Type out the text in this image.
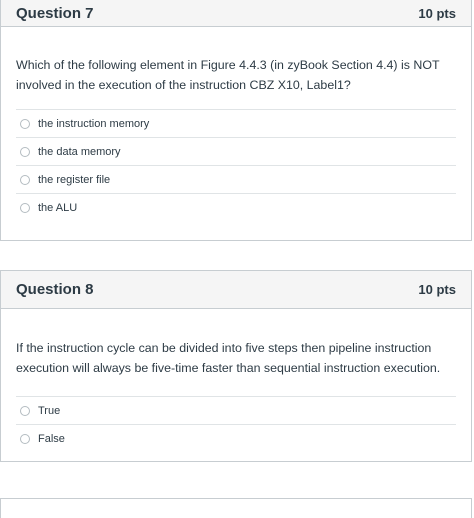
Question 7	10 pts
Which of the following element in Figure 4.4.3 (in zyBook Section 4.4) is NOT involved in the execution of the instruction CBZ X10, Label1?
the instruction memory
the data memory
the register file
the ALU
Question 8	10 pts
If the instruction cycle can be divided into five steps then pipeline instruction execution will always be five-time faster than sequential instruction execution.
True
False
